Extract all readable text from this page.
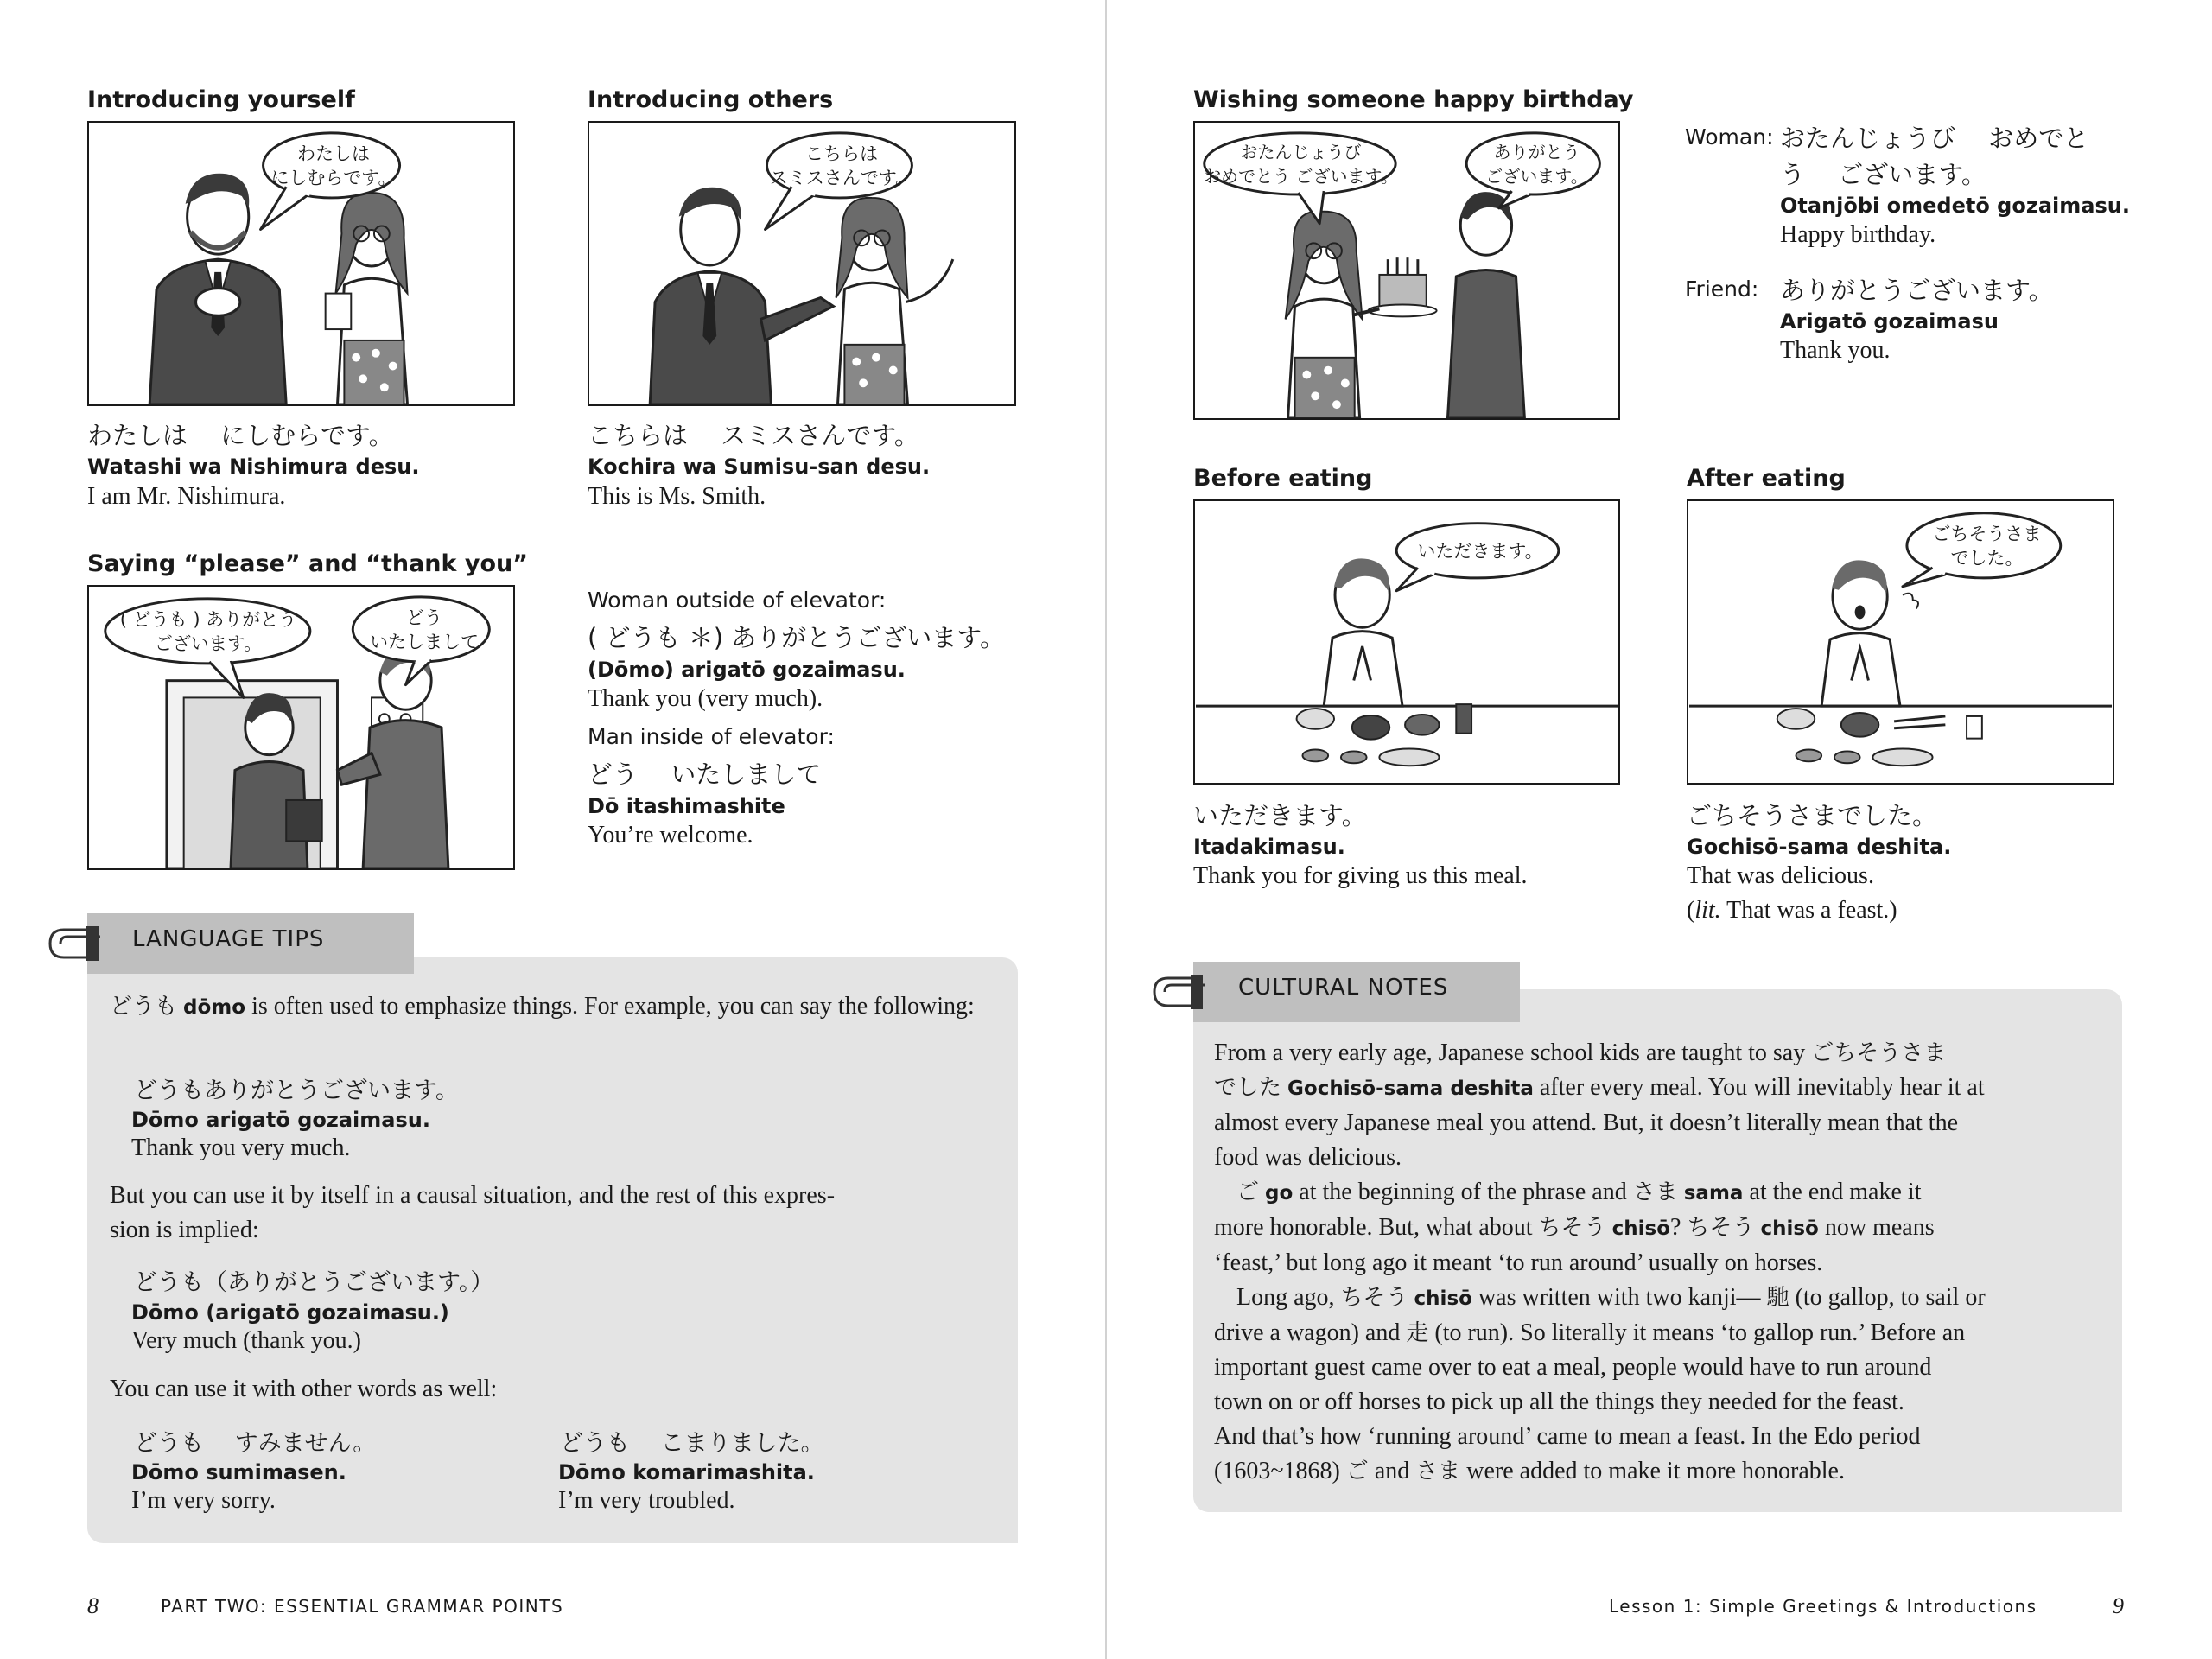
Introducing yourself
わたしは
にしむらです。
わたしは　 にしむらです。
Watashi wa Nishimura desu.
I am Mr. Nishimura.
Introducing others
こちらは
スミスさんです。
こちらは　 スミスさんです。
Kochira wa Sumisu-san desu.
This is Ms. Smith.
Saying “please” and “thank you”
( どうも ) ありがとう
ございます。
どう
いたしまして
Woman outside of elevator:
( どうも ＊) ありがとうございます。
(Dōmo) arigatō gozaimasu.
Thank you (very much).
Man inside of elevator:
どう　 いたしまして
Dō itashimashite
You’re welcome.
LANGUAGE TIPS
どうも dōmo is often used to emphasize things. For example, you can say the following:
どうもありがとうございます。
Dōmo arigatō gozaimasu.
Thank you very much.
But you can use it by itself in a causal situation, and the rest of this expres-
sion is implied:
どうも（ありがとうございます。）
Dōmo (arigatō gozaimasu.)
Very much (thank you.)
You can use it with other words as well:
どうも　 すみません。
Dōmo sumimasen.
I’m very sorry.
どうも　 こまりました。
Dōmo komarimashita.
I’m very troubled.
8	PART TWO: ESSENTIAL GRAMMAR POINTS
Wishing someone happy birthday
おたんじょうび
おめでとう ございます。
ありがとう
ございます。
Woman: おたんじょうび　 おめでと
う　 ございます。
Otanjōbi omedetō gozaimasu.
Happy birthday.
Friend: ありがとうございます。
Arigatō gozaimasu
Thank you.
Before eating
いただきます。
いただきます。
Itadakimasu.
Thank you for giving us this meal.
After eating
ごちそうさま
でした。
ごちそうさまでした。
Gochisō-sama deshita.
That was delicious.
(lit. That was a feast.)
CULTURAL NOTES
From a very early age, Japanese school kids are taught to say ごちそうさま
でした Gochisō-sama deshita after every meal. You will inevitably hear it at
almost every Japanese meal you attend. But, it doesn’t literally mean that the
food was delicious.
ご go at the beginning of the phrase and さま sama at the end make it
more honorable. But, what about ちそう chisō? ちそう chisō now means
‘feast,’ but long ago it meant ‘to run around’ usually on horses.
Long ago, ちそう chisō was written with two kanji— 馳 (to gallop, to sail or
drive a wagon) and 走 (to run). So literally it means ‘to gallop run.’ Before an
important guest came over to eat a meal, people would have to run around
town on or off horses to pick up all the things they needed for the feast.
And that’s how ‘running around’ came to mean a feast. In the Edo period
(1603~1868) ご and さま were added to make it more honorable.
Lesson 1: Simple Greetings & Introductions	9
